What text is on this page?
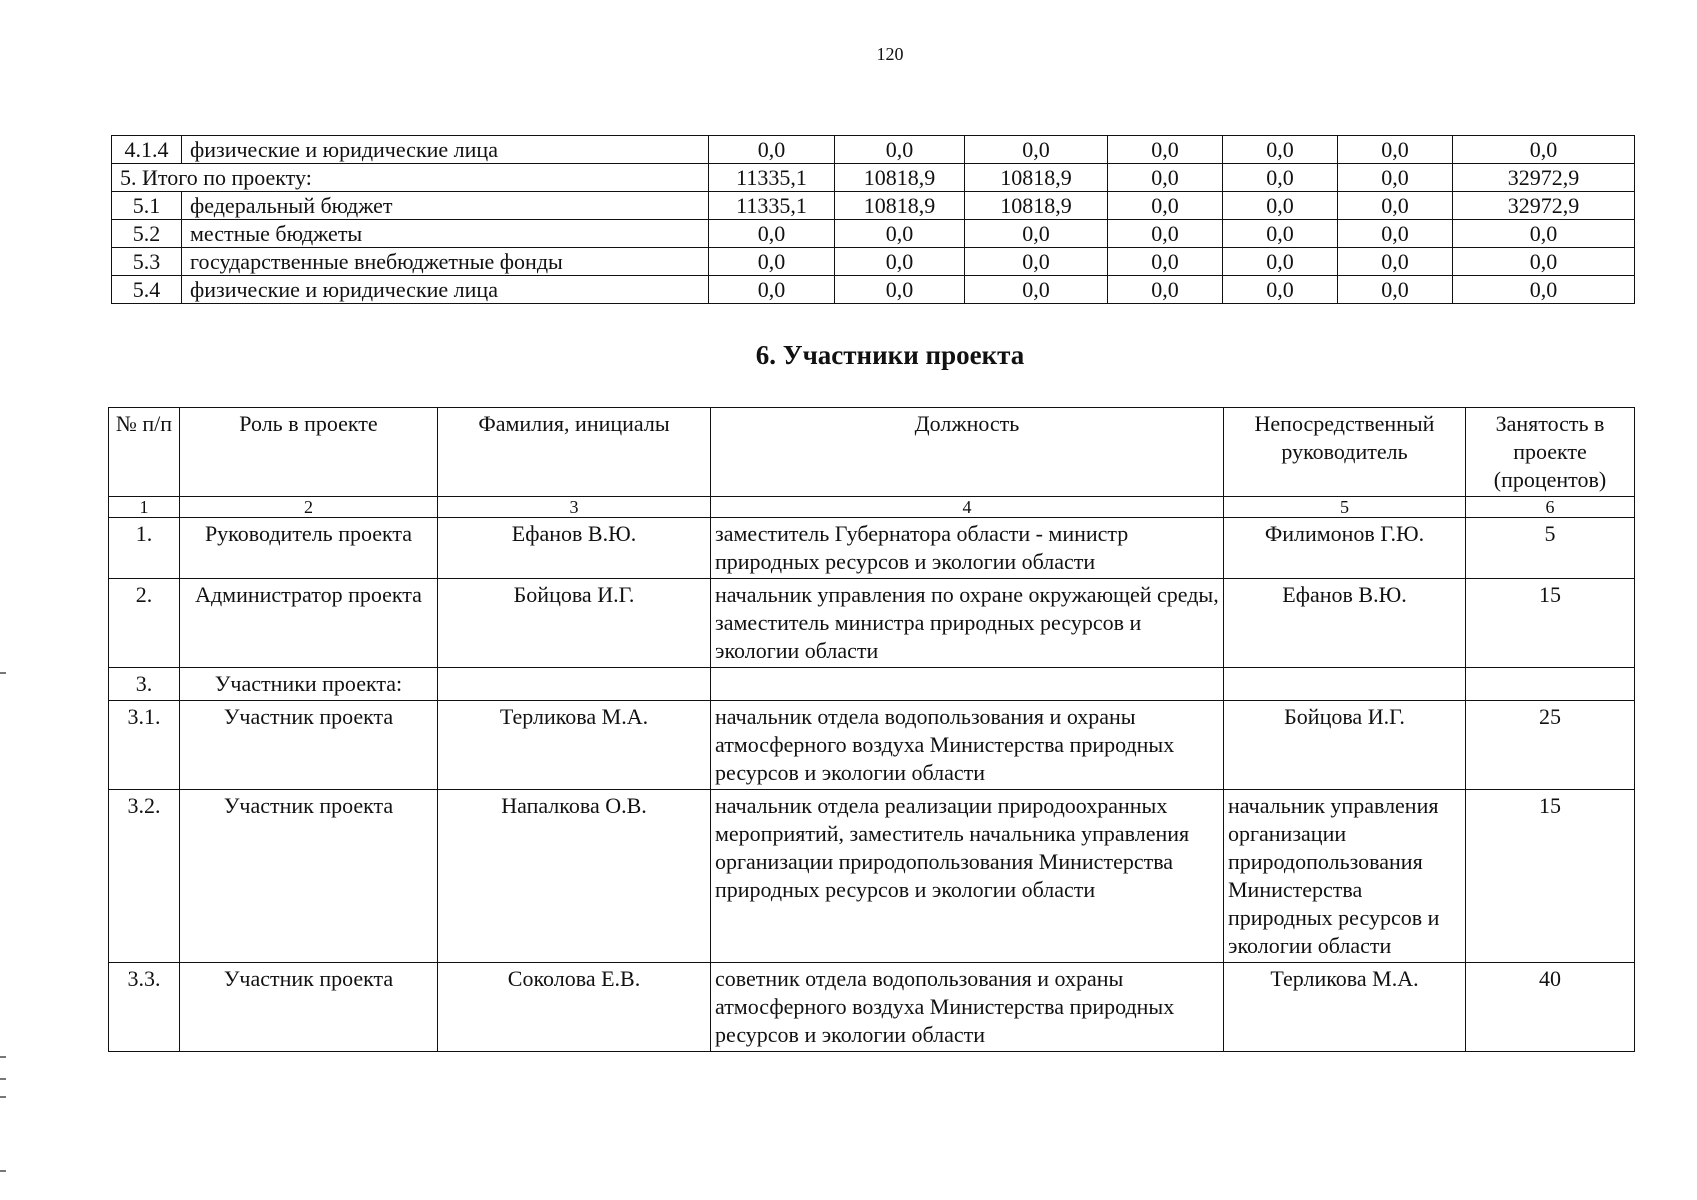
120
4.1.4	физические и юридические лица	0,0	0,0	0,0	0,0	0,0	0,0	0,0
5. Итого по проекту:		11335,1	10818,9	10818,9	0,0	0,0	0,0	32972,9
5.1	федеральный бюджет	11335,1	10818,9	10818,9	0,0	0,0	0,0	32972,9
5.2	местные бюджеты	0,0	0,0	0,0	0,0	0,0	0,0	0,0
5.3	государственные внебюджетные фонды	0,0	0,0	0,0	0,0	0,0	0,0	0,0
5.4	физические и юридические лица	0,0	0,0	0,0	0,0	0,0	0,0	0,0
6. Участники проекта
№ п/п	Роль в проекте	Фамилия, инициалы	Должность	Непосредственный руководитель	Занятость в проекте (процентов)
1	2	3	4	5	6
1.	Руководитель проекта	Ефанов В.Ю.	заместитель Губернатора области - министр природных ресурсов и экологии области	Филимонов Г.Ю.	5
2.	Администратор проекта	Бойцова И.Г.	начальник управления по охране окружающей среды, заместитель министра природных ресурсов и экологии области	Ефанов В.Ю.	15
3.	Участники проекта:				
3.1.	Участник проекта	Терликова М.А.	начальник отдела водопользования и охраны атмосферного воздуха Министерства природных ресурсов и экологии области	Бойцова И.Г.	25
3.2.	Участник проекта	Напалкова О.В.	начальник отдела реализации природоохранных мероприятий, заместитель начальника управления организации природопользования Министерства природных ресурсов и экологии области	начальник управления организации природопользования Министерства природных ресурсов и экологии области	15
3.3.	Участник проекта	Соколова Е.В.	советник отдела водопользования и охраны атмосферного воздуха Министерства природных ресурсов и экологии области	Терликова М.А.	40
